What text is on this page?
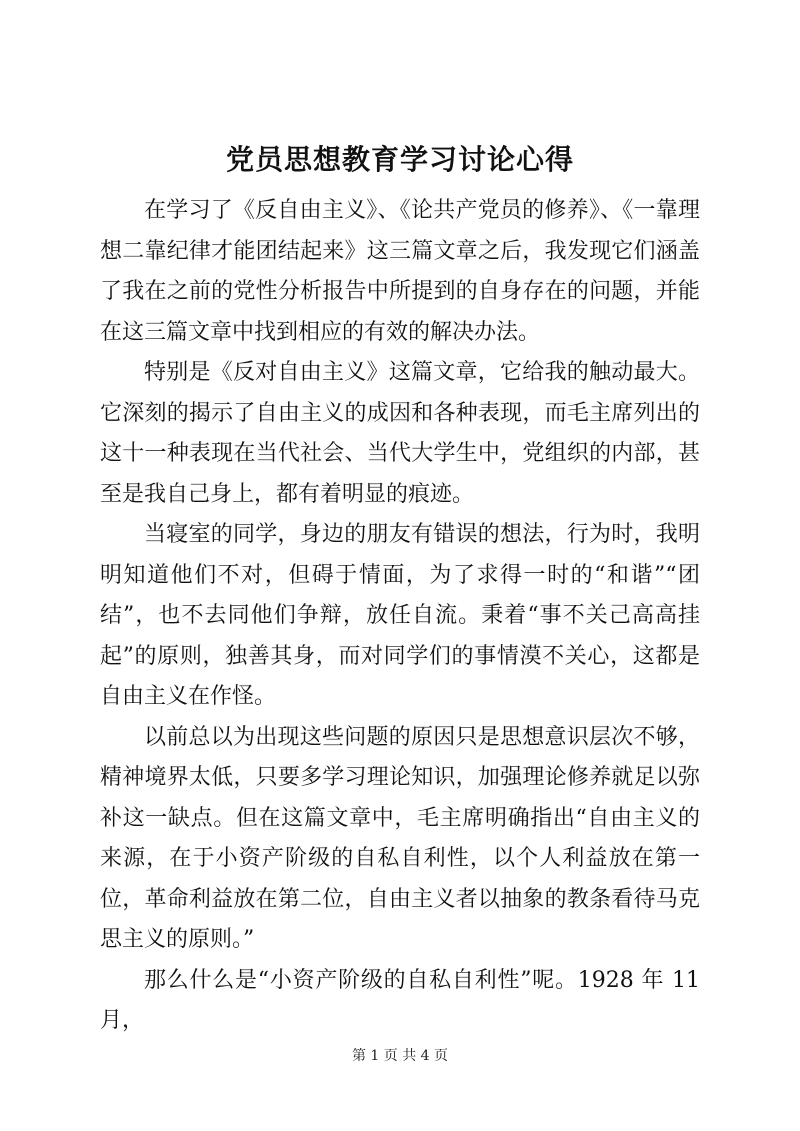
党员思想教育学习讨论心得

在学习了《反自由主义》、《论共产党员的修养》、《一靠理想二靠纪律才能团结起来》这三篇文章之后，我发现它们涵盖了我在之前的党性分析报告中所提到的自身存在的问题，并能在这三篇文章中找到相应的有效的解决办法。

特别是《反对自由主义》这篇文章，它给我的触动最大。它深刻的揭示了自由主义的成因和各种表现，而毛主席列出的这十一种表现在当代社会、当代大学生中，党组织的内部，甚至是我自己身上，都有着明显的痕迹。

当寝室的同学，身边的朋友有错误的想法，行为时，我明明知道他们不对，但碍于情面，为了求得一时的“和谐”“团结”，也不去同他们争辩，放任自流。秉着“事不关己高高挂起”的原则，独善其身，而对同学们的事情漠不关心，这都是自由主义在作怪。

以前总以为出现这些问题的原因只是思想意识层次不够，精神境界太低，只要多学习理论知识，加强理论修养就足以弥补这一缺点。但在这篇文章中，毛主席明确指出“自由主义的来源，在于小资产阶级的自私自利性，以个人利益放在第一位，革命利益放在第二位，自由主义者以抽象的教条看待马克思主义的原则。”

那么什么是“小资产阶级的自私自利性”呢。1928 年 11 月，

第 1 页 共 4 页
